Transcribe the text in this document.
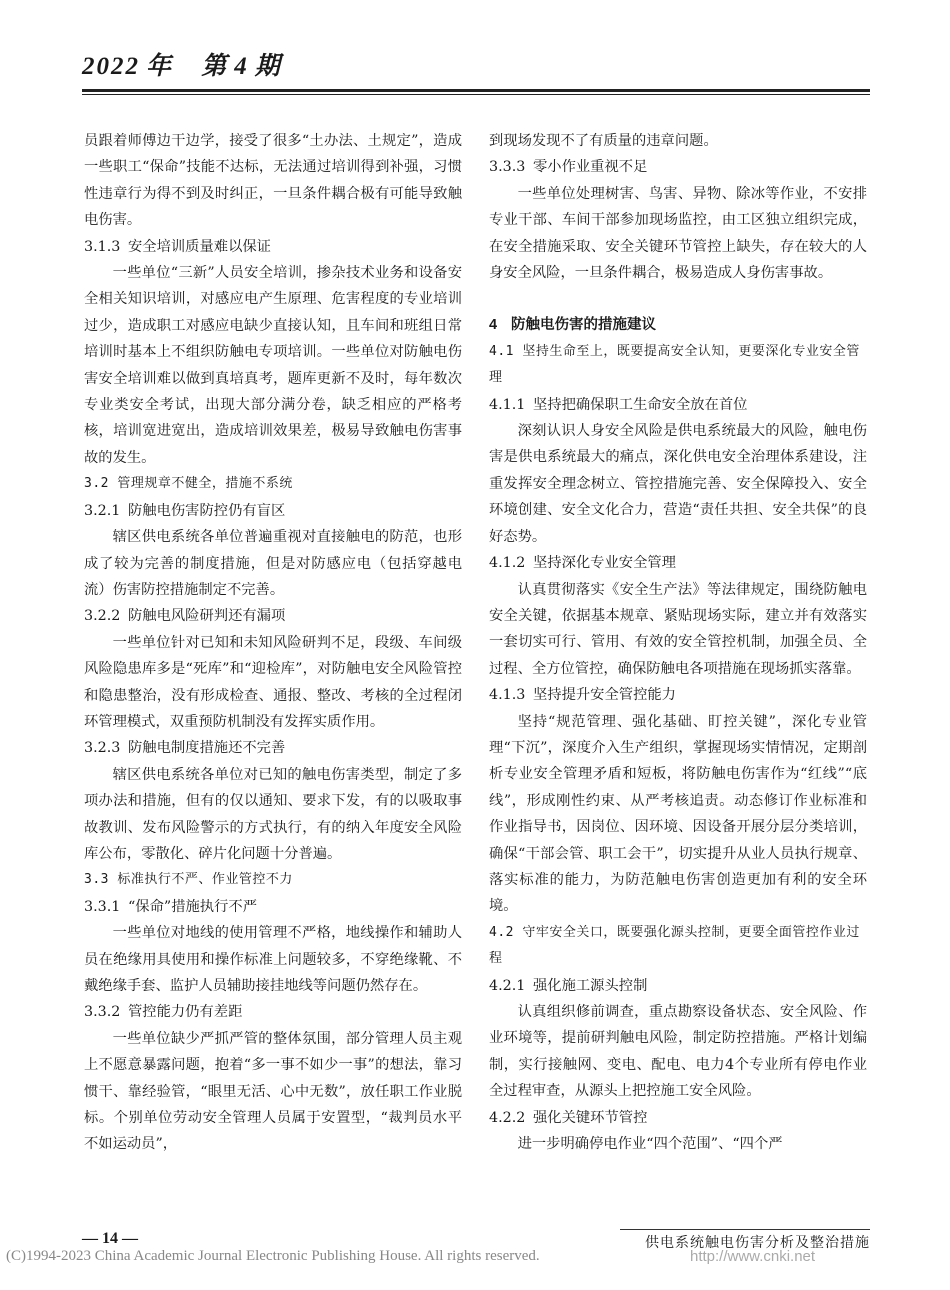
2022 年 第 4 期

员跟着师傅边干边学，接受了很多“土办法、土规定”，造成一些职工“保命”技能不达标，无法通过培训得到补强，习惯性违章行为得不到及时纠正，一旦条件耦合极有可能导致触电伤害。

3.1.3 安全培训质量难以保证

一些单位“三新”人员安全培训，掺杂技术业务和设备安全相关知识培训，对感应电产生原理、危害程度的专业培训过少，造成职工对感应电缺少直接认知，且车间和班组日常培训时基本上不组织防触电专项培训。一些单位对防触电伤害安全培训难以做到真培真考，题库更新不及时，每年数次专业类安全考试，出现大部分满分卷，缺乏相应的严格考核，培训宽进宽出，造成培训效果差，极易导致触电伤害事故的发生。

3.2 管理规章不健全，措施不系统
3.2.1 防触电伤害防控仍有盲区

辖区供电系统各单位普遍重视对直接触电的防范，也形成了较为完善的制度措施，但是对防感应电（包括穿越电流）伤害防控措施制定不完善。

3.2.2 防触电风险研判还有漏项

一些单位针对已知和未知风险研判不足，段级、车间级风险隐患库多是“死库”和“迎检库”，对防触电安全风险管控和隐患整治，没有形成检查、通报、整改、考核的全过程闭环管理模式，双重预防机制没有发挥实质作用。

3.2.3 防触电制度措施还不完善

辖区供电系统各单位对已知的触电伤害类型，制定了多项办法和措施，但有的仅以通知、要求下发，有的以吸取事故教训、发布风险警示的方式执行，有的纳入年度安全风险库公布，零散化、碎片化问题十分普遍。

3.3 标准执行不严、作业管控不力
3.3.1 “保命”措施执行不严

一些单位对地线的使用管理不严格，地线操作和辅助人员在绝缘用具使用和操作标准上问题较多，不穿绝缘靴、不戴绝缘手套、监护人员辅助接挂地线等问题仍然存在。

3.3.2 管控能力仍有差距

一些单位缺少严抓严管的整体氛围，部分管理人员主观上不愿意暴露问题，抱着“多一事不如少一事”的想法，靠习惯干、靠经验管，“眼里无活、心中无数”，放任职工作业脱标。个别单位劳动安全管理人员属于安置型，“裁判员水平不如运动员”，

到现场发现不了有质量的违章问题。

3.3.3 零小作业重视不足

一些单位处理树害、鸟害、异物、除冰等作业，不安排专业干部、车间干部参加现场监控，由工区独立组织完成，在安全措施采取、安全关键环节管控上缺失，存在较大的人身安全风险，一旦条件耦合，极易造成人身伤害事故。

4 防触电伤害的措施建议
4.1 坚持生命至上，既要提高安全认知，更要深化专业安全管理
4.1.1 坚持把确保职工生命安全放在首位

深刻认识人身安全风险是供电系统最大的风险，触电伤害是供电系统最大的痛点，深化供电安全治理体系建设，注重发挥安全理念树立、管控措施完善、安全保障投入、安全环境创建、安全文化合力，营造“责任共担、安全共保”的良好态势。

4.1.2 坚持深化专业安全管理

认真贯彻落实《安全生产法》等法律规定，围绕防触电安全关键，依据基本规章、紧贴现场实际，建立并有效落实一套切实可行、管用、有效的安全管控机制，加强全员、全过程、全方位管控，确保防触电各项措施在现场抓实落靠。

4.1.3 坚持提升安全管控能力

坚持“规范管理、强化基础、盯控关键”，深化专业管理“下沉”，深度介入生产组织，掌握现场实情情况，定期剖析专业安全管理矛盾和短板，将防触电伤害作为“红线”“底线”，形成刚性约束、从严考核追责。动态修订作业标准和作业指导书，因岗位、因环境、因设备开展分层分类培训，确保“干部会管、职工会干”，切实提升从业人员执行规章、落实标准的能力，为防范触电伤害创造更加有利的安全环境。

4.2 守牢安全关口，既要强化源头控制，更要全面管控作业过程
4.2.1 强化施工源头控制

认真组织修前调查，重点勘察设备状态、安全风险、作业环境等，提前研判触电风险，制定防控措施。严格计划编制，实行接触网、变电、配电、电力4个专业所有停电作业全过程审查，从源头上把控施工安全风险。

4.2.2 强化关键环节管控

进一步明确停电作业“四个范围”、“四个严

— 14 —	供电系统触电伤害分析及整治措施
(C)1994-2023 China Academic Journal Electronic Publishing House. All rights reserved.	http://www.cnki.net
